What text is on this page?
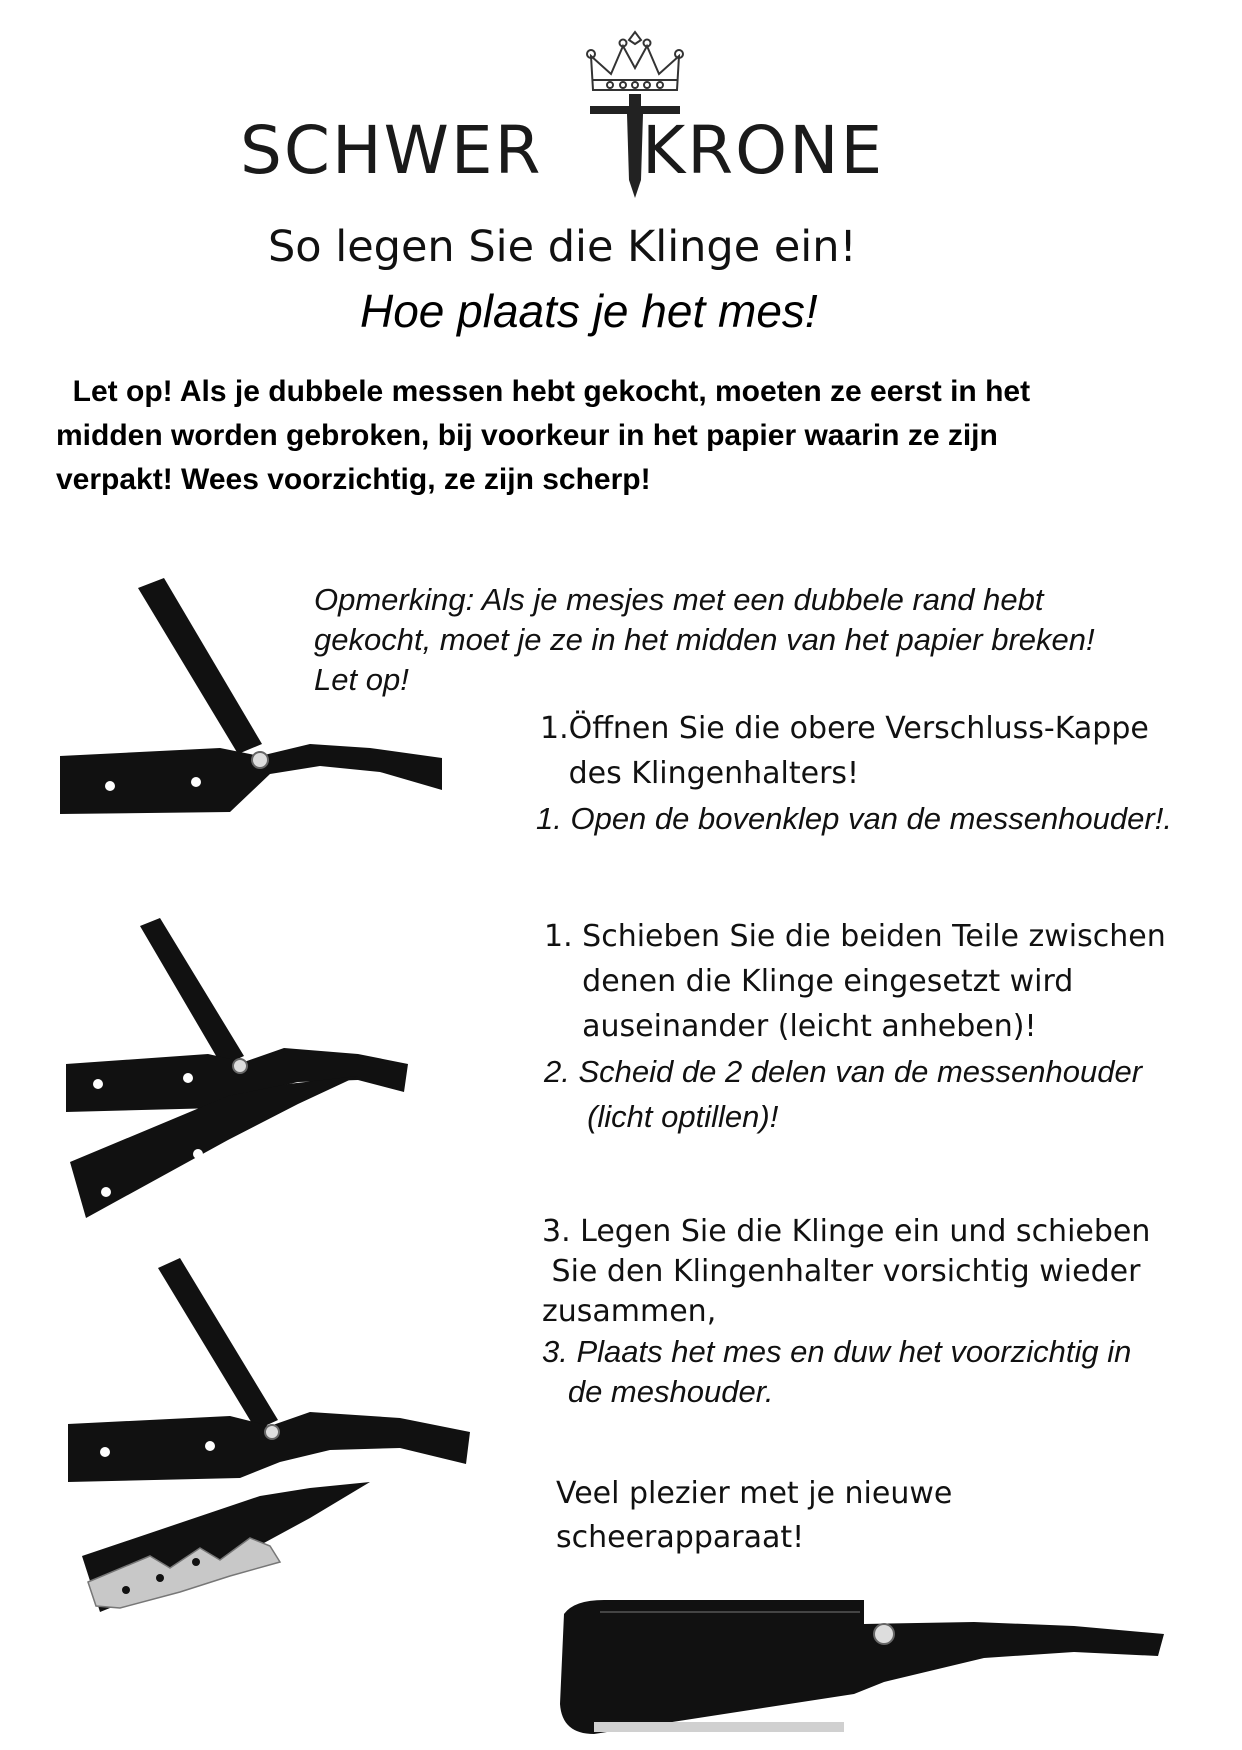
SCHWER KRONE
So legen Sie die Klinge ein!
Hoe plaats je het mes!
Let op! Als je dubbele messen hebt gekocht, moeten ze eerst in het
midden worden gebroken, bij voorkeur in het papier waarin ze zijn
verpakt! Wees voorzichtig, ze zijn scherp!
Opmerking: Als je mesjes met een dubbele rand hebt
gekocht, moet je ze in het midden van het papier breken!
Let op!
1.Öffnen Sie die obere Verschluss-Kappe
des Klingenhalters!
1. Open de bovenklep van de messenhouder!.
1. Schieben Sie die beiden Teile zwischen
denen die Klinge eingesetzt wird
auseinander (leicht anheben)!
2. Scheid de 2 delen van de messenhouder
(licht optillen)!
3. Legen Sie die Klinge ein und schieben
Sie den Klingenhalter vorsichtig wieder
zusammen,
3. Plaats het mes en duw het voorzichtig in
de meshouder.
Veel plezier met je nieuwe
scheerapparaat!
